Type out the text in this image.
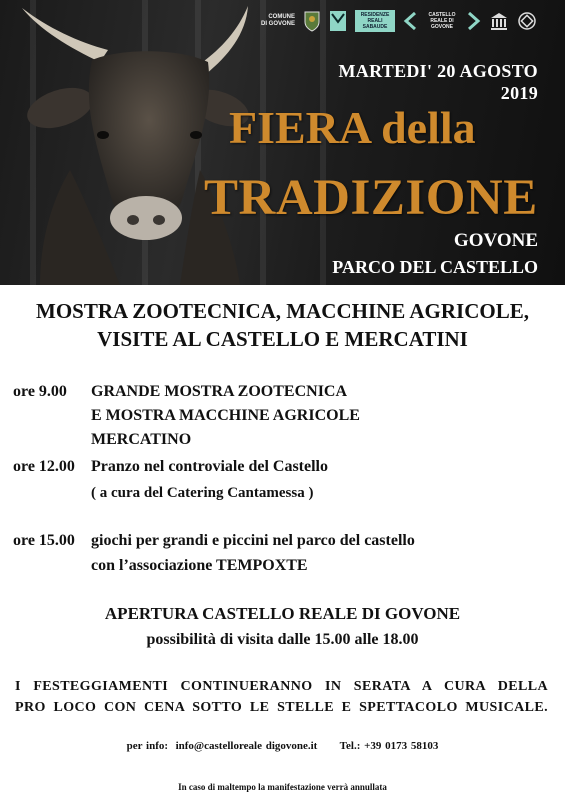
COMUNE
DI GOVONE
RESIDENZE REALI SABAUDE
CASTELLO REALE DI GOVONE
MARTEDI' 20 AGOSTO
2019
FIERA della
TRADIZIONE
GOVONE
PARCO DEL CASTELLO
MOSTRA ZOOTECNICA, MACCHINE AGRICOLE,
VISITE AL CASTELLO E MERCATINI
ore 9.00 GRANDE MOSTRA ZOOTECNICA
E MOSTRA MACCHINE AGRICOLE
MERCATINO
ore 12.00 Pranzo nel controviale del Castello
( a cura del Catering Cantamessa )
ore 15.00 giochi per grandi e piccini nel parco del castello
con l’associazione TEMPOXTE
APERTURA CASTELLO REALE DI GOVONE
possibilità di visita dalle 15.00 alle 18.00
I FESTEGGIAMENTI CONTINUERANNO IN SERATA A CURA DELLA
PRO LOCO CON CENA SOTTO LE STELLE E SPETTACOLO MUSICALE.
per info: info@castelloreale digovone.it Tel.: +39 0173 58103
In caso di maltempo la manifestazione verrà annullata
